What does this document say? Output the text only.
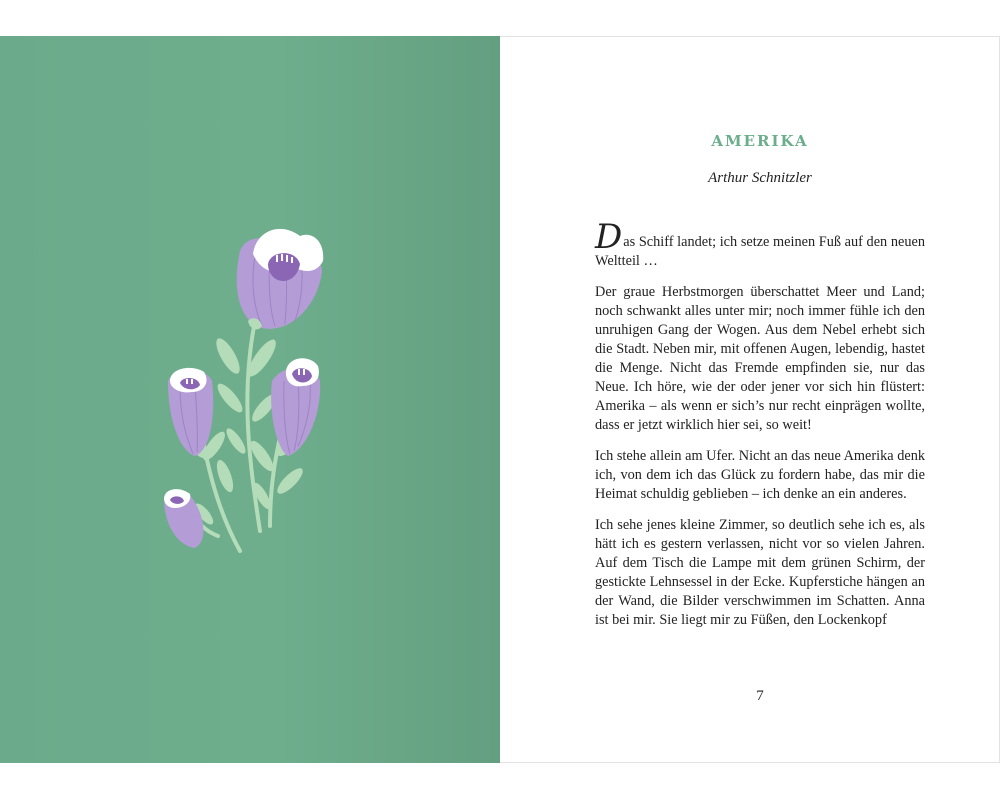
AMERIKA

Arthur Schnitzler

Das Schiff landet; ich setze meinen Fuß auf den neuen Weltteil …

Der graue Herbstmorgen überschattet Meer und Land; noch schwankt alles unter mir; noch immer fühle ich den unruhigen Gang der Wogen. Aus dem Nebel erhebt sich die Stadt. Neben mir, mit offenen Augen, lebendig, hastet die Menge. Nicht das Fremde empfinden sie, nur das Neue. Ich höre, wie der oder jener vor sich hin flüstert: Amerika – als wenn er sich’s nur recht einprägen wollte, dass er jetzt wirklich hier sei, so weit!

Ich stehe allein am Ufer. Nicht an das neue Amerika denk ich, von dem ich das Glück zu fordern habe, das mir die Heimat schuldig geblieben – ich denke an ein anderes.

Ich sehe jenes kleine Zimmer, so deutlich sehe ich es, als hätt ich es gestern verlassen, nicht vor so vielen Jahren. Auf dem Tisch die Lampe mit dem grünen Schirm, der gestickte Lehnsessel in der Ecke. Kupferstiche hängen an der Wand, die Bilder verschwimmen im Schatten. Anna ist bei mir. Sie liegt mir zu Füßen, den Lockenkopf

7
